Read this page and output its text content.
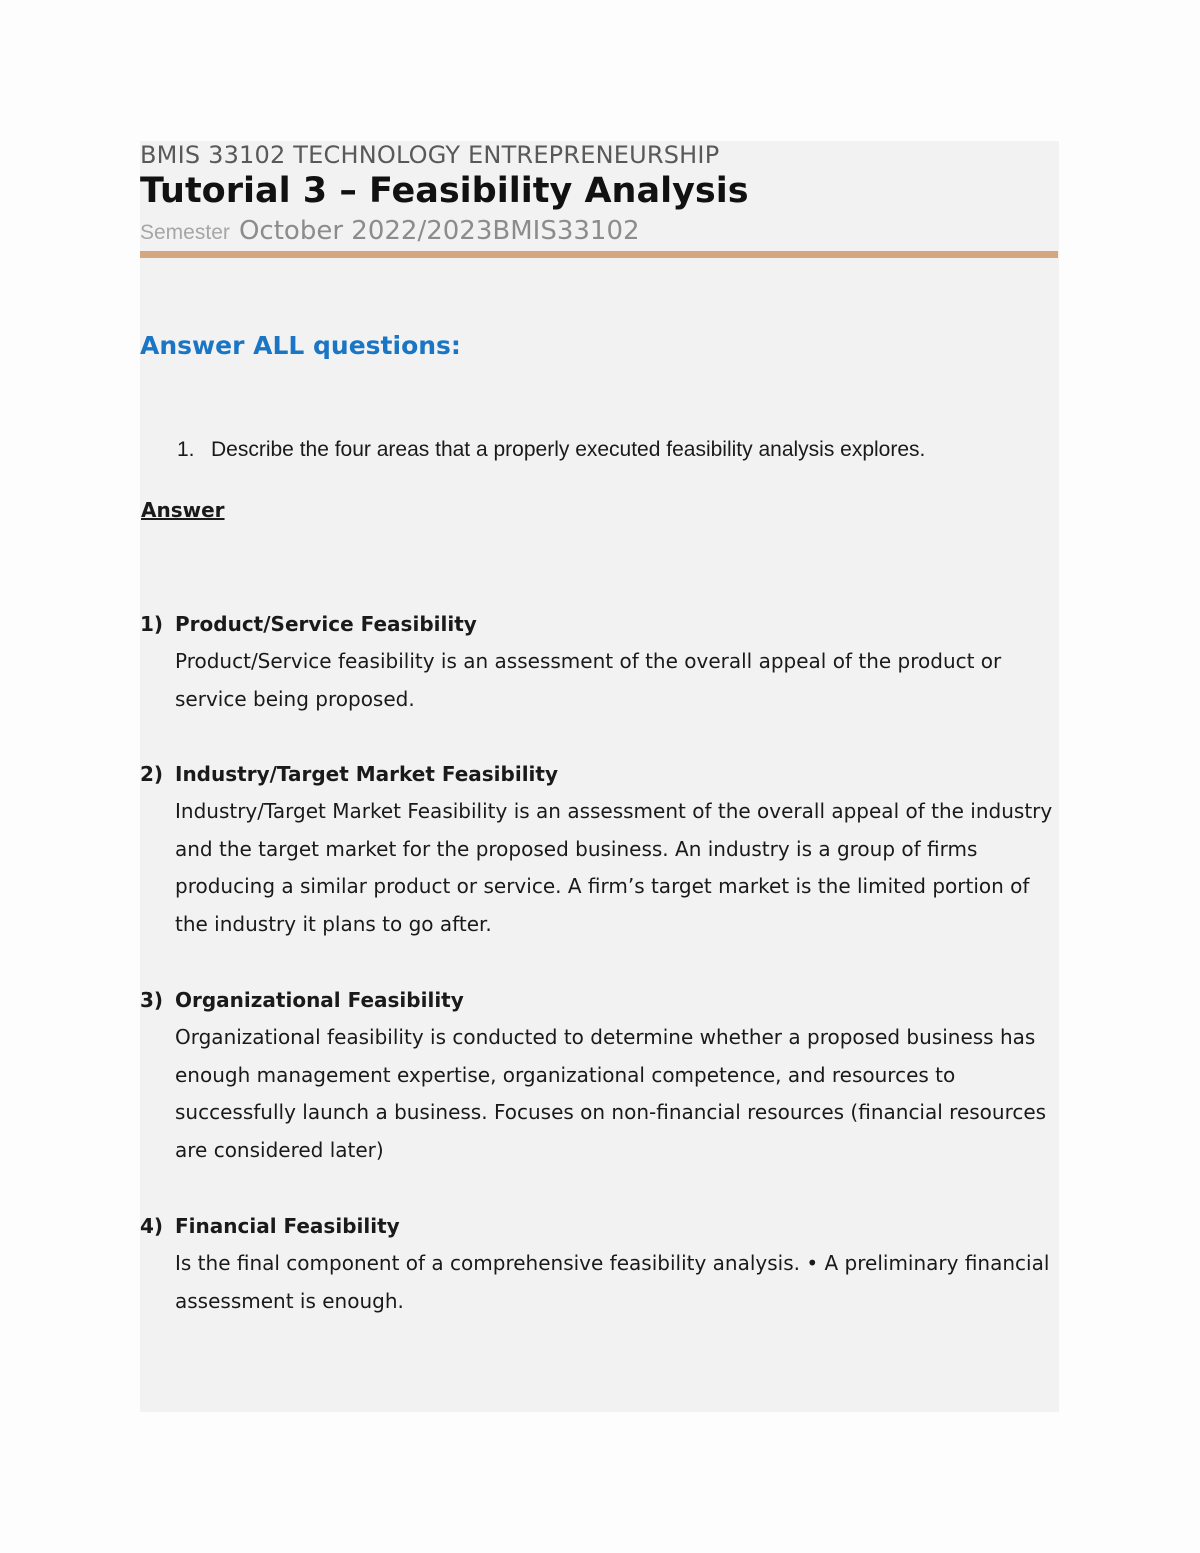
BMIS 33102 TECHNOLOGY ENTREPRENEURSHIP
Tutorial 3 – Feasibility Analysis
Semester October 2022/2023BMIS33102
Answer ALL questions:
1. Describe the four areas that a properly executed feasibility analysis explores.
Answer
1) Product/Service Feasibility
Product/Service feasibility is an assessment of the overall appeal of the product or service being proposed.
2) Industry/Target Market Feasibility
Industry/Target Market Feasibility is an assessment of the overall appeal of the industry and the target market for the proposed business. An industry is a group of firms producing a similar product or service. A firm’s target market is the limited portion of the industry it plans to go after.
3) Organizational Feasibility
Organizational feasibility is conducted to determine whether a proposed business has enough management expertise, organizational competence, and resources to successfully launch a business. Focuses on non-financial resources (financial resources are considered later)
4) Financial Feasibility
Is the final component of a comprehensive feasibility analysis. • A preliminary financial assessment is enough.
